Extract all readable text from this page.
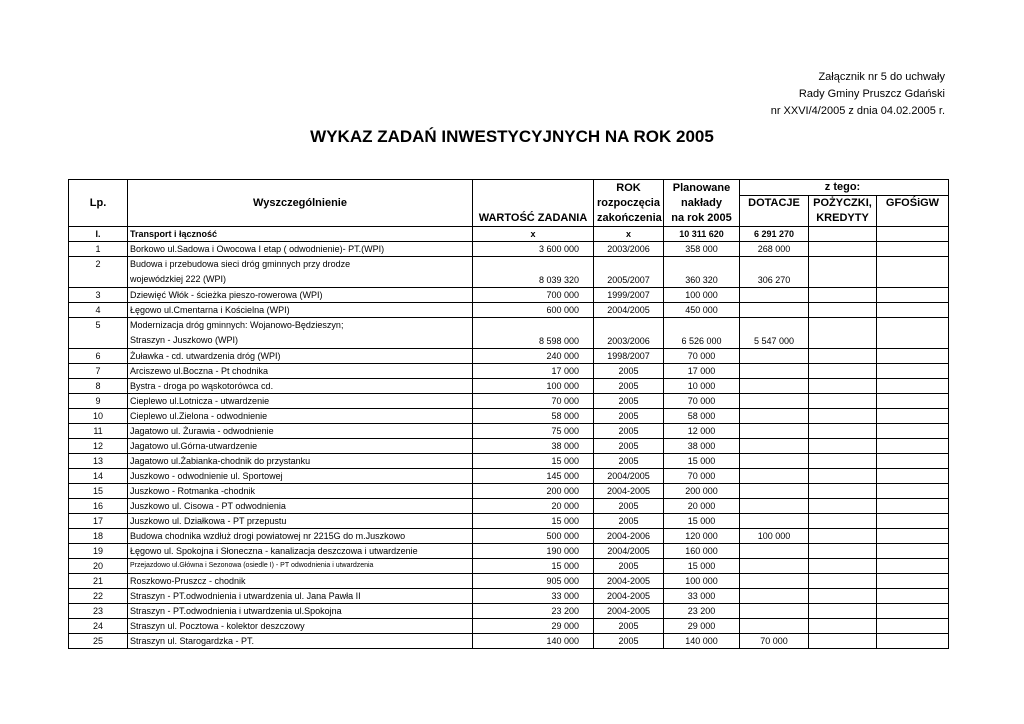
Załącznik nr 5 do uchwały
Rady Gminy Pruszcz Gdański
nr XXVI/4/2005 z dnia 04.02.2005 r.
WYKAZ ZADAŃ INWESTYCYJNYCH NA ROK 2005
			ROK	Planowane		z tego:	
Lp.	Wyszczególnienie		rozpoczęcia	nakłady	DOTACJE	POŻYCZKI,	GFOŚiGW
		WARTOŚĆ ZADANIA	zakończenia	na rok 2005		KREDYTY	
I.	Transport i łączność	x	x	10 311 620	6 291 270		
1	Borkowo ul.Sadowa i Owocowa I etap ( odwodnienie)- PT.(WPI)	3 600 000	2003/2006	358 000	268 000		
2	Budowa i przebudowa sieci dróg gminnych przy drodze
wojewódzkiej 222 (WPI)	8 039 320	2005/2007	360 320	306 270		
3	Dziewięć Włók - ścieżka pieszo-rowerowa (WPI)	700 000	1999/2007	100 000			
4	Łęgowo ul.Cmentarna i Kościelna (WPI)	600 000	2004/2005	450 000			
5	Modernizacja dróg gminnych: Wojanowo-Będzieszyn;
Straszyn - Juszkowo (WPI)	8 598 000	2003/2006	6 526 000	5 547 000		
6	Żuławka - cd. utwardzenia dróg (WPI)	240 000	1998/2007	70 000			
7	Arciszewo ul.Boczna - Pt chodnika	17 000	2005	17 000			
8	Bystra - droga po wąskotorówca cd.	100 000	2005	10 000			
9	Cieplewo ul.Lotnicza - utwardzenie	70 000	2005	70 000			
10	Cieplewo ul.Zielona - odwodnienie	58 000	2005	58 000			
11	Jagatowo ul. Żurawia - odwodnienie	75 000	2005	12 000			
12	Jagatowo ul.Górna-utwardzenie	38 000	2005	38 000			
13	Jagatowo ul.Żabianka-chodnik do przystanku	15 000	2005	15 000			
14	Juszkowo - odwodnienie ul. Sportowej	145 000	2004/2005	70 000			
15	Juszkowo - Rotmanka -chodnik	200 000	2004-2005	200 000			
16	Juszkowo ul. Cisowa - PT odwodnienia	20 000	2005	20 000			
17	Juszkowo ul. Działkowa - PT przepustu	15 000	2005	15 000			
18	Budowa chodnika wzdłuż drogi powiatowej nr 2215G do m.Juszkowo	500 000	2004-2006	120 000	100 000		
19	Łęgowo ul. Spokojna i Słoneczna - kanalizacja deszczowa i utwardzenie	190 000	2004/2005	160 000			
20	Przejazdowo ul.Główna i Sezonowa (osiedle I) - PT odwodnienia i utwardzenia	15 000	2005	15 000			
21	Roszkowo-Pruszcz - chodnik	905 000	2004-2005	100 000			
22	Straszyn - PT.odwodnienia i utwardzenia ul. Jana Pawła II	33 000	2004-2005	33 000			
23	Straszyn - PT.odwodnienia i utwardzenia ul.Spokojna	23 200	2004-2005	23 200			
24	Straszyn ul. Pocztowa - kolektor deszczowy	29 000	2005	29 000			
25	Straszyn ul. Starogardzka - PT.	140 000	2005	140 000	70 000		
